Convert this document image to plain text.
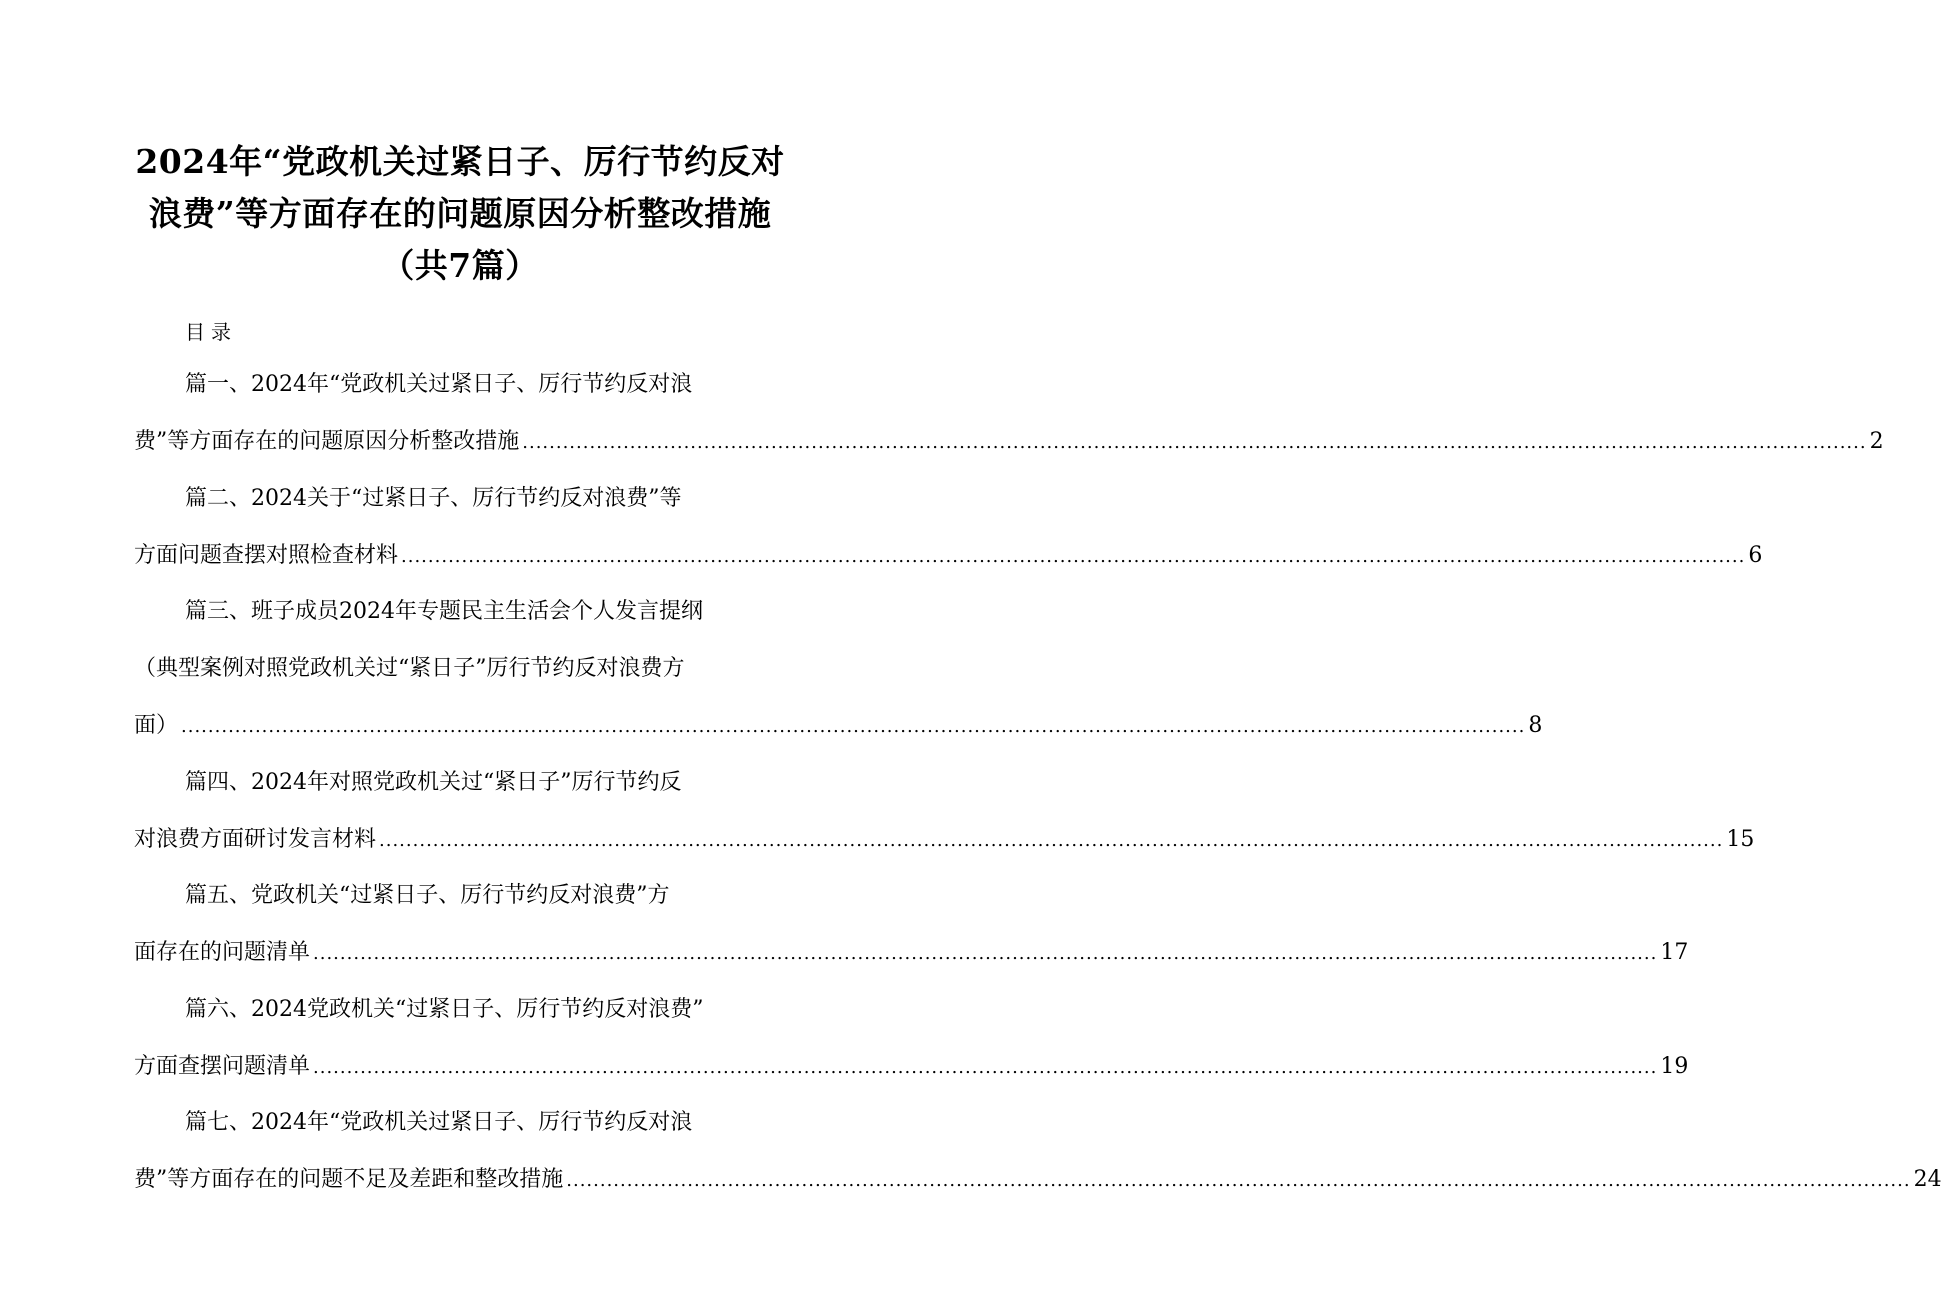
2024年“党政机关过紧日子、厉行节约反对
浪费”等方面存在的问题原因分析整改措施
（共7篇）
目录
篇一、2024年“党政机关过紧日子、厉行节约反对浪
费”等方面存在的问题原因分析整改措施 ........................................................................................................................................................................................................ 2
篇二、2024关于“过紧日子、厉行节约反对浪费”等
方面问题查摆对照检查材料 ........................................................................................................................................................................................................ 6
篇三、班子成员2024年专题民主生活会个人发言提纲
（典型案例对照党政机关过“紧日子”厉行节约反对浪费方
面） ........................................................................................................................................................................................................ 8
篇四、2024年对照党政机关过“紧日子”厉行节约反
对浪费方面研讨发言材料 ........................................................................................................................................................................................................ 15
篇五、党政机关“过紧日子、厉行节约反对浪费”方
面存在的问题清单 ........................................................................................................................................................................................................ 17
篇六、2024党政机关“过紧日子、厉行节约反对浪费”
方面查摆问题清单 ........................................................................................................................................................................................................ 19
篇七、2024年“党政机关过紧日子、厉行节约反对浪
费”等方面存在的问题不足及差距和整改措施 ........................................................................................................................................................................................................ 24
